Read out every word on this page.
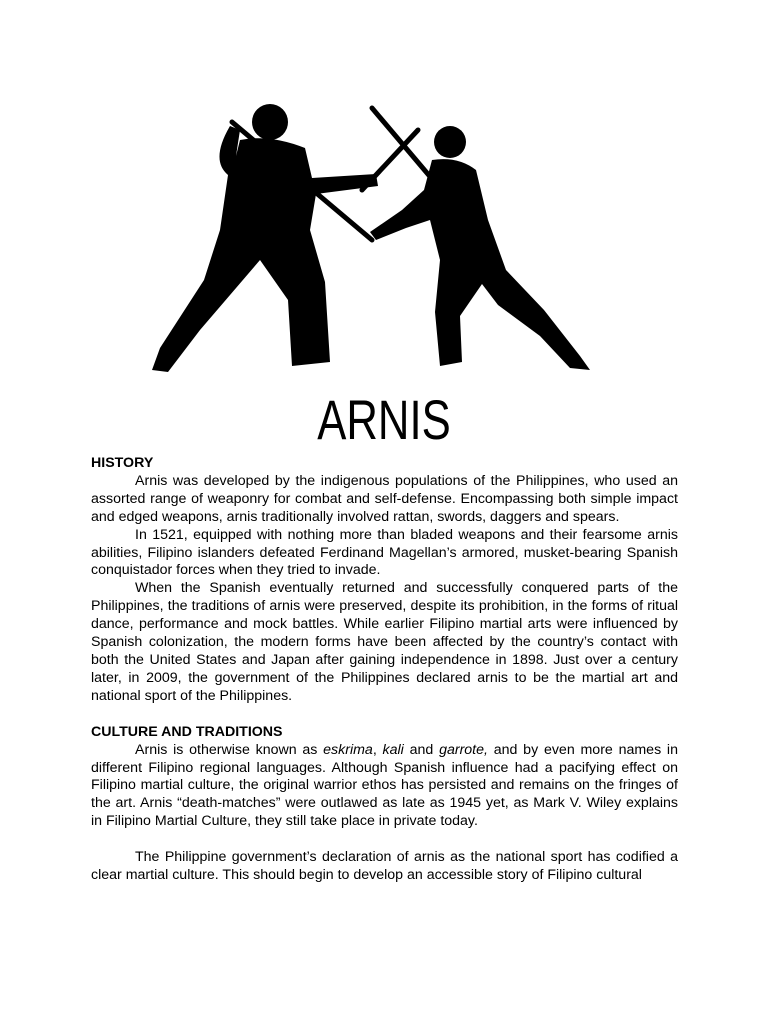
ARNIS

HISTORY

Arnis was developed by the indigenous populations of the Philippines, who used an assorted range of weaponry for combat and self-defense. Encompassing both simple impact and edged weapons, arnis traditionally involved rattan, swords, daggers and spears.

In 1521, equipped with nothing more than bladed weapons and their fearsome arnis abilities, Filipino islanders defeated Ferdinand Magellan’s armored, musket-bearing Spanish conquistador forces when they tried to invade.

When the Spanish eventually returned and successfully conquered parts of the Philippines, the traditions of arnis were preserved, despite its prohibition, in the forms of ritual dance, performance and mock battles. While earlier Filipino martial arts were influenced by Spanish colonization, the modern forms have been affected by the country’s contact with both the United States and Japan after gaining independence in 1898. Just over a century later, in 2009, the government of the Philippines declared arnis to be the martial art and national sport of the Philippines.

CULTURE AND TRADITIONS

Arnis is otherwise known as eskrima, kali and garrote, and by even more names in different Filipino regional languages. Although Spanish influence had a pacifying effect on Filipino martial culture, the original warrior ethos has persisted and remains on the fringes of the art. Arnis “death-matches” were outlawed as late as 1945 yet, as Mark V. Wiley explains in Filipino Martial Culture, they still take place in private today.

The Philippine government’s declaration of arnis as the national sport has codified a clear martial culture. This should begin to develop an accessible story of Filipino cultural
